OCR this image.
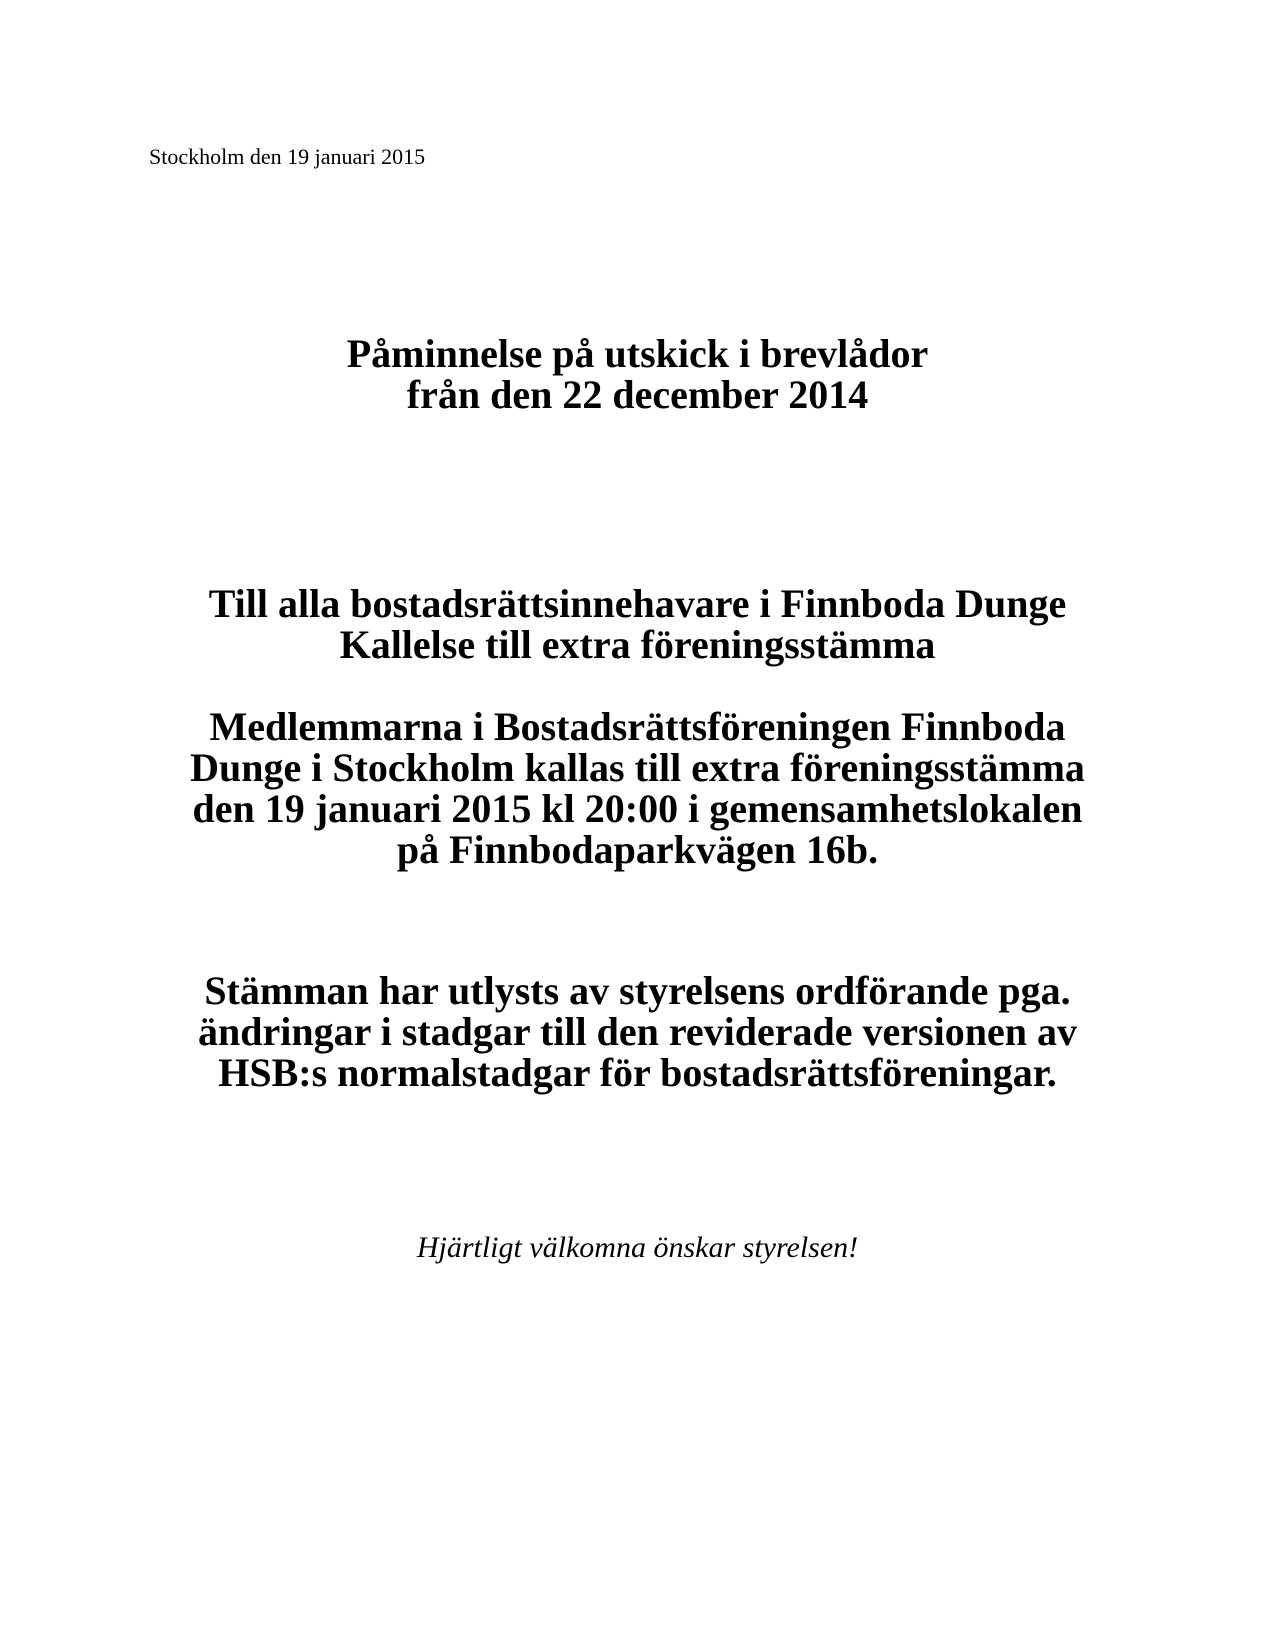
Stockholm den 19 januari 2015
Påminnelse på utskick i brevlådor
från den 22 december 2014
Till alla bostadsrättsinnehavare i Finnboda Dunge
Kallelse till extra föreningsstämma
Medlemmarna i Bostadsrättsföreningen Finnboda
Dunge i Stockholm kallas till extra föreningsstämma
den 19 januari 2015 kl 20:00 i gemensamhetslokalen
på Finnbodaparkvägen 16b.
Stämman har utlysts av styrelsens ordförande pga.
ändringar i stadgar till den reviderade versionen av
HSB:s normalstadgar för bostadsrättsföreningar.
Hjärtligt välkomna önskar styrelsen!
